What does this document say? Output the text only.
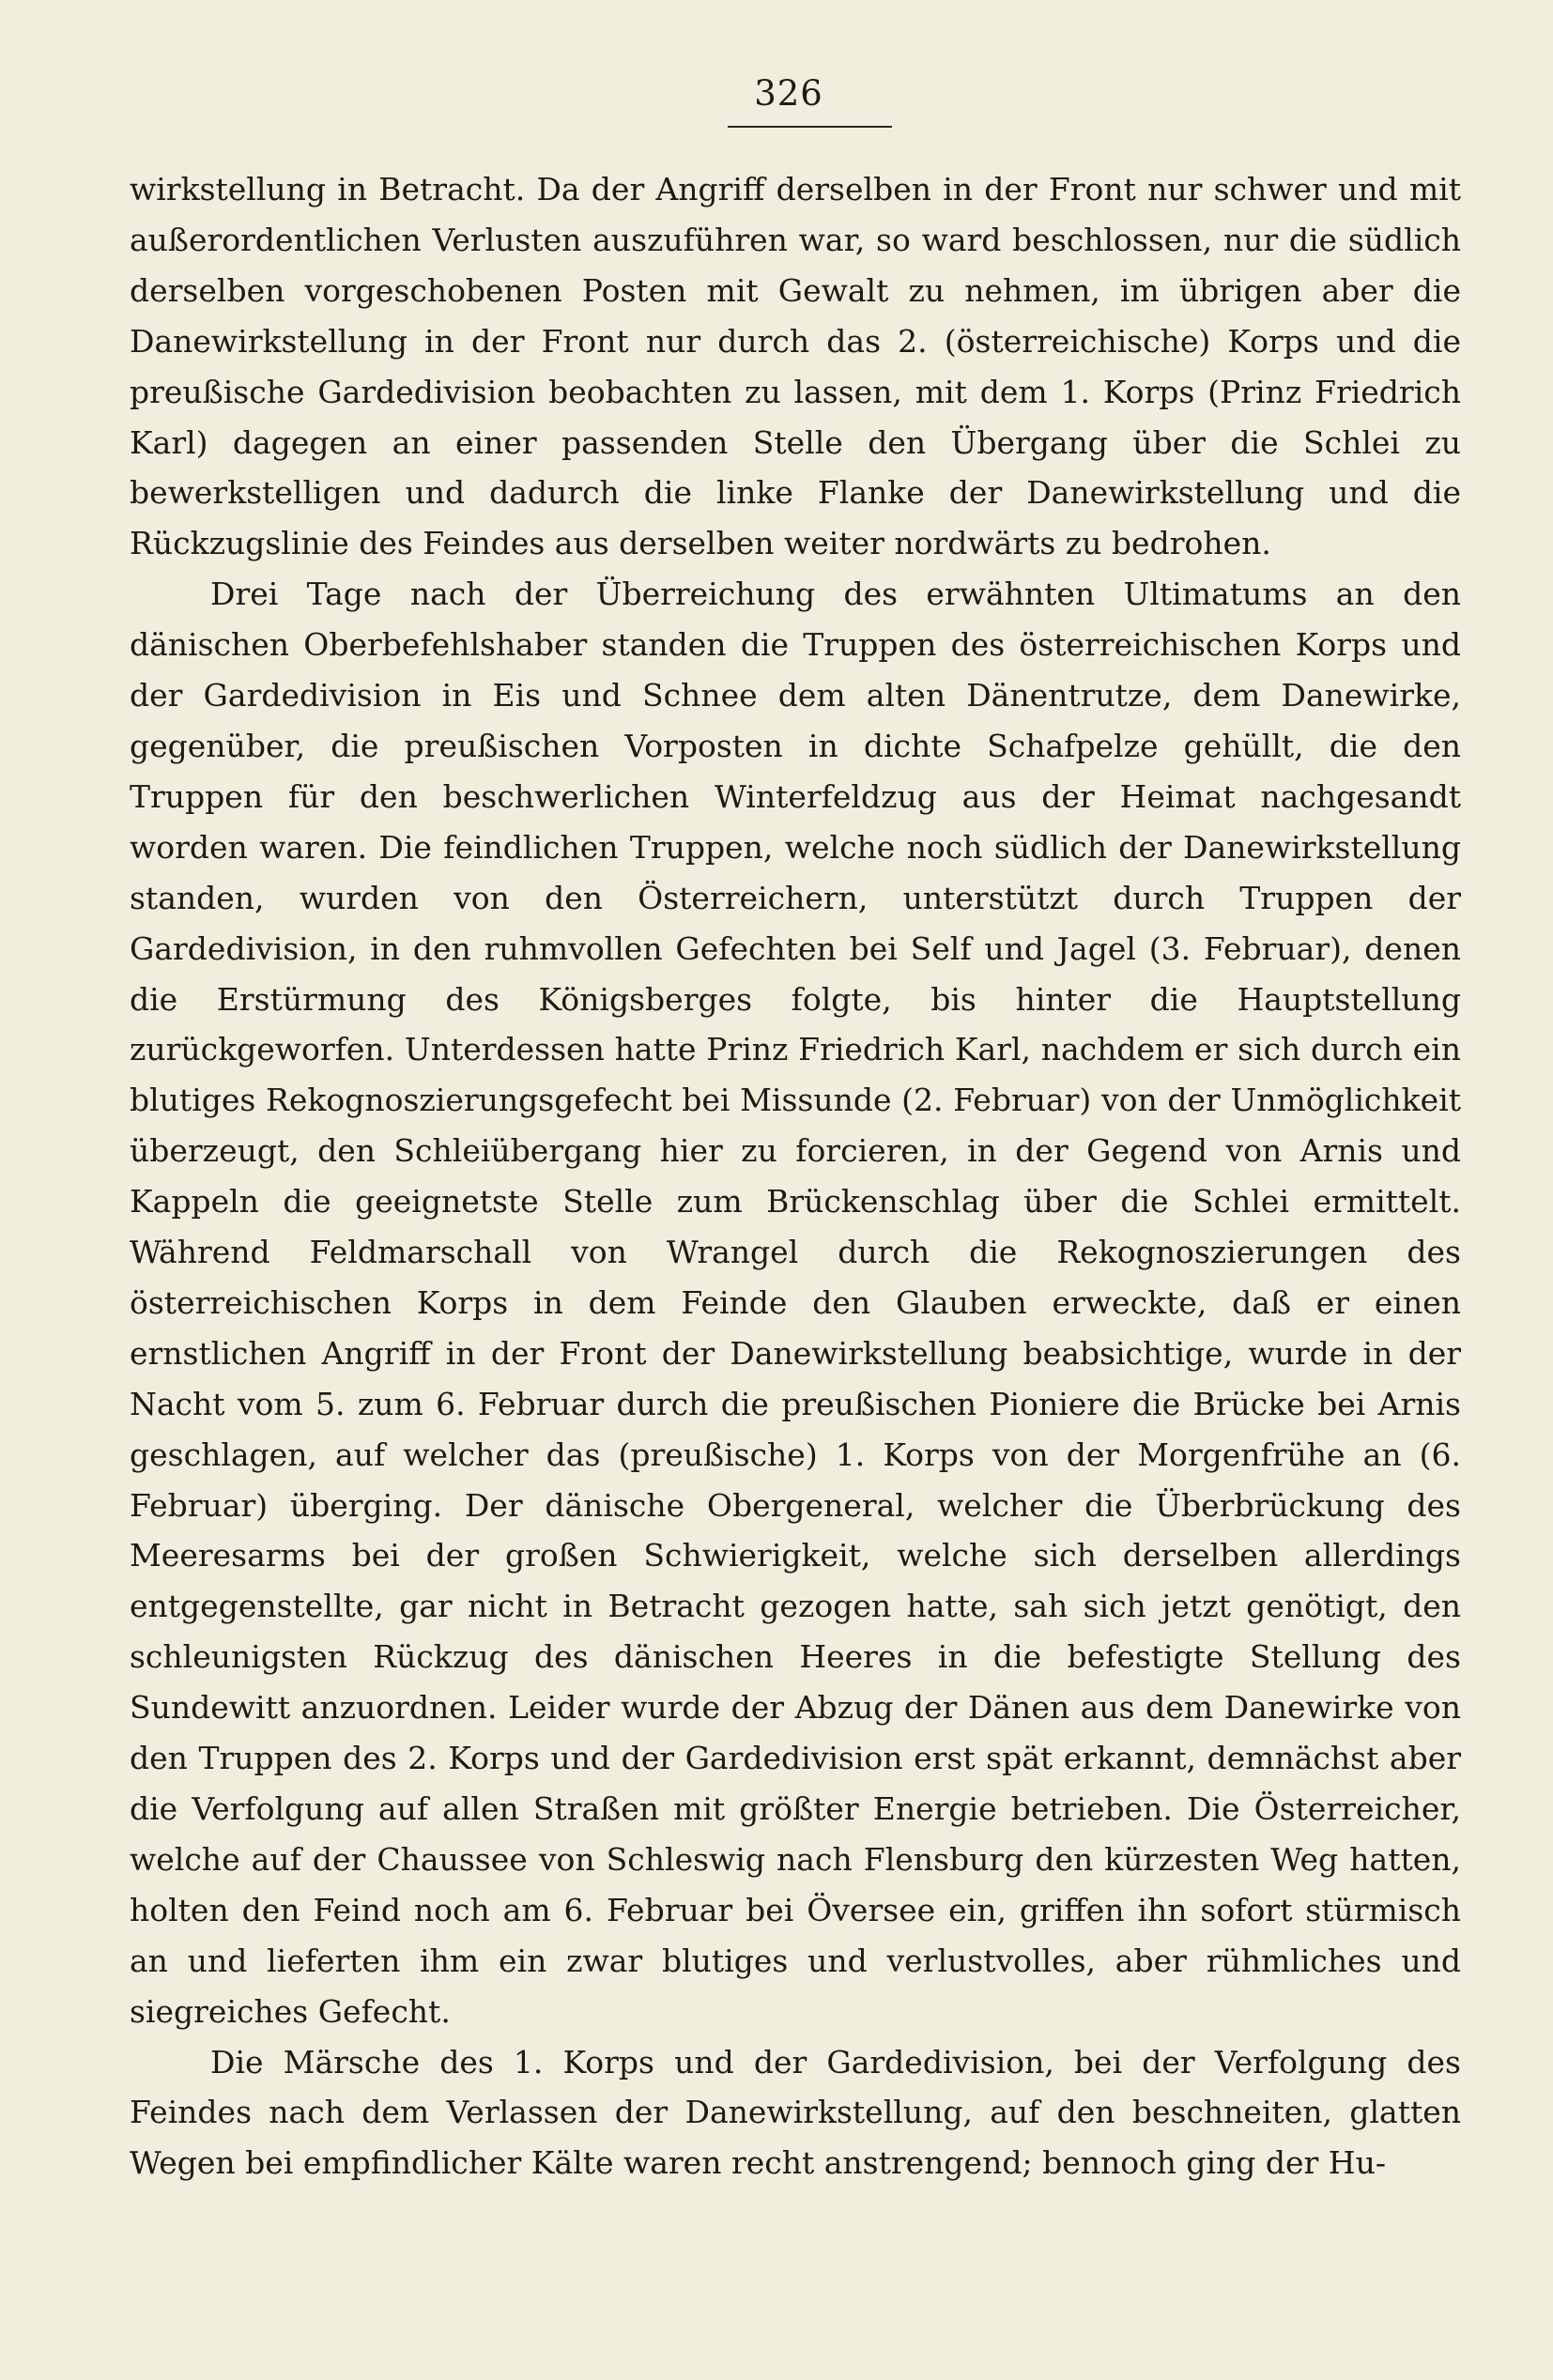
326

wirkstellung in Betracht. Da der Angriff derselben in der Front nur schwer und mit außerordentlichen Verlusten auszuführen war, so ward beschlossen, nur die südlich derselben vorgeschobenen Posten mit Gewalt zu nehmen, im übrigen aber die Danewirkstellung in der Front nur durch das 2. (österreichische) Korps und die preußische Gardedivision beobachten zu lassen, mit dem 1. Korps (Prinz Friedrich Karl) dagegen an einer passenden Stelle den Übergang über die Schlei zu bewerkstelligen und dadurch die linke Flanke der Danewirkstellung und die Rückzugslinie des Feindes aus derselben weiter nordwärts zu bedrohen.

Drei Tage nach der Überreichung des erwähnten Ultimatums an den dänischen Oberbefehlshaber standen die Truppen des österreichischen Korps und der Gardedivision in Eis und Schnee dem alten Dänentrutze, dem Danewirke, gegenüber, die preußischen Vorposten in dichte Schafpelze gehüllt, die den Truppen für den beschwerlichen Winterfeldzug aus der Heimat nachgesandt worden waren. Die feindlichen Truppen, welche noch südlich der Danewirkstellung standen, wurden von den Österreichern, unterstützt durch Truppen der Gardedivision, in den ruhmvollen Gefechten bei Self und Jagel (3. Februar), denen die Erstürmung des Königsberges folgte, bis hinter die Hauptstellung zurückgeworfen. Unterdessen hatte Prinz Friedrich Karl, nachdem er sich durch ein blutiges Rekognoszierungsgefecht bei Missunde (2. Februar) von der Unmöglichkeit überzeugt, den Schleiübergang hier zu forcieren, in der Gegend von Arnis und Kappeln die geeignetste Stelle zum Brückenschlag über die Schlei ermittelt. Während Feldmarschall von Wrangel durch die Rekognoszierungen des österreichischen Korps in dem Feinde den Glauben erweckte, daß er einen ernstlichen Angriff in der Front der Danewirkstellung beabsichtige, wurde in der Nacht vom 5. zum 6. Februar durch die preußischen Pioniere die Brücke bei Arnis geschlagen, auf welcher das (preußische) 1. Korps von der Morgenfrühe an (6. Februar) überging. Der dänische Obergeneral, welcher die Überbrückung des Meeresarms bei der großen Schwierigkeit, welche sich derselben allerdings entgegenstellte, gar nicht in Betracht gezogen hatte, sah sich jetzt genötigt, den schleunigsten Rückzug des dänischen Heeres in die befestigte Stellung des Sundewitt anzuordnen. Leider wurde der Abzug der Dänen aus dem Danewirke von den Truppen des 2. Korps und der Gardedivision erst spät erkannt, demnächst aber die Verfolgung auf allen Straßen mit größter Energie betrieben. Die Österreicher, welche auf der Chaussee von Schleswig nach Flensburg den kürzesten Weg hatten, holten den Feind noch am 6. Februar bei Översee ein, griffen ihn sofort stürmisch an und lieferten ihm ein zwar blutiges und verlustvolles, aber rühmliches und siegreiches Gefecht.

Die Märsche des 1. Korps und der Gardedivision, bei der Verfolgung des Feindes nach dem Verlassen der Danewirkstellung, auf den beschneiten, glatten Wegen bei empfindlicher Kälte waren recht anstrengend; bennoch ging der Hu-
